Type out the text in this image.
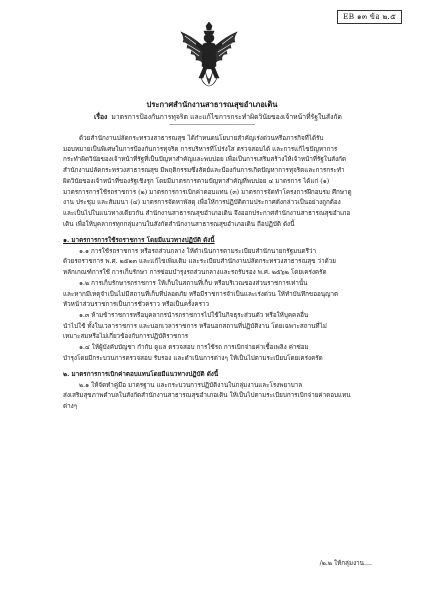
EB ๑๓ ข้อ ๒.๕
ประกาศสำนักงานสาธารณสุขอำเภอเดิน
เรื่อง มาตรการป้องกันการทุจริต และแก้ไขการกระทำผิดวินัยของเจ้าหน้าที่รัฐในสังกัด
--------------------------------------------------------

ด้วยสำนักงานปลัดกระทรวงสาธารณสุข ได้กำหนดนโยบายสำคัญเร่งด่วนหรือภารกิจที่ได้รับ

มอบหมายเป็นพิเศษในการป้องกันการทุจริต การบริหารที่โปร่งใส ตรวจสอบได้ และการแก้ไขปัญหาการ

กระทำผิดวินัยของเจ้าหน้าที่รัฐที่เป็นปัญหาสำคัญและพบบ่อย เพื่อเป็นการเสริมสร้างให้เจ้าหน้าที่รัฐในสังกัด

สำนักงานปลัดกระทรวงสาธารณสุข มีพฤติกรรมซึ่งสัตย์และป้องกันการเกิดปัญหาการทุจริตและการกระทำ

ผิดวินัยของเจ้าหน้าที่ของรัฐเชิงรุก โดยมีมาตรการตามปัญหาสำคัญที่พบบ่อย ๔ มาตรการ ได้แก่ (๑)

มาตรการการใช้รถราชการ (๒) มาตรการการเบิกค่าตอบแทน (๓) มาตรการจัดทำโครงการฝึกอบรม ศึกษาดู

งาน ประชุม และสัมมนา (๔) มาตรการจัดหาพัสดุ เพื่อให้การปฏิบัติตามประกาศดังกล่าวเป็นอย่างถูกต้อง

และเป็นไปในแนวทางเดียวกัน สำนักงานสาธารณสุขอำเภอเดิน จึงออกประกาศสำนักงานสาธารณสุขอำเภอ

เดิน เพื่อให้บุคลากรทุกกลุ่มงานในสังกัดสำนักงานสาธารณสุขอำเภอเดิน ถือปฏิบัติ ดังนี้

๑. มาตรการการใช้รถราชการ โดยมีแนวทางปฏิบัติ ดังนี้

๑.๑ การใช้รถราชการ หรือรถส่วนกลาง ให้ดำเนินการตามระเบียบสำนักนายกรัฐมนตรีว่า

ด้วยรถราชการ พ.ศ. ๒๕๒๓ และแก้ไขเพิ่มเติม และระเบียบสำนักงานปลัดกระทรวงสาธารณสุข ว่าด้วย

หลักเกณฑ์การใช้ การเก็บรักษา การซ่อมบำรุงรถส่วนกลางและรถรับรอง พ.ศ. ๒๕๖๒ โดยเคร่งครัด

๑.๒ การเก็บรักษารถราชการ ให้เก็บในสถานที่เก็บ หรือบริเวณของส่วนราชการเท่านั้น

และหากมีเหตุจำเป็นไม่มีสถานที่เก็บที่ปลอดภัย หรือมีราชการจำเป็นและเร่งด่วน ให้ทำบันทึกขออนุญาต

หัวหน้าส่วนราชการเป็นการชั่วคราว หรือเป็นครั้งคราว

๑.๓ ห้ามข้าราชการหรือบุคลากรนำรถราชการไปใช้ในกิจธุระส่วนตัว หรือให้บุคคลอื่น

นำไปใช้ ทั้งในเวลาราชการ และนอกเวลาราชการ หรือนอกสถานที่ปฏิบัติงาน โดยเฉพาะสถานที่ไม่

เหมาะสมหรือไม่เกี่ยวข้องกับการปฏิบัติราชการ

๑.๔ ให้ผู้บังคับบัญชา กำกับ ดูแล ตรวจสอบ การใช้รถ การเบิกจ่ายค่าเชื้อเพลิง ค่าซ่อม

บำรุงโดยมีกระบวนการตรวจสอบ รับรอง และดำเนินการต่างๆ ให้เป็นไปตามระเบียบโดยเคร่งครัด

๒. มาตรการการเบิกค่าตอบแทนโดยมีแนวทางปฏิบัติ ดังนี้

๒.๑ ให้จัดทำคู่มือ มาตรฐาน และกระบวนการปฏิบัติงานในกลุ่มงานและโรงพยาบาล

ส่งเสริมสุขภาพตำบลในสังกัดสำนักงานสาธารณสุขอำเภอเดิน ให้เป็นไปตามระเบียบการเบิกจ่ายค่าตอบแทน

ต่างๆ

/๒.๒ ให้กลุ่มงาน....
